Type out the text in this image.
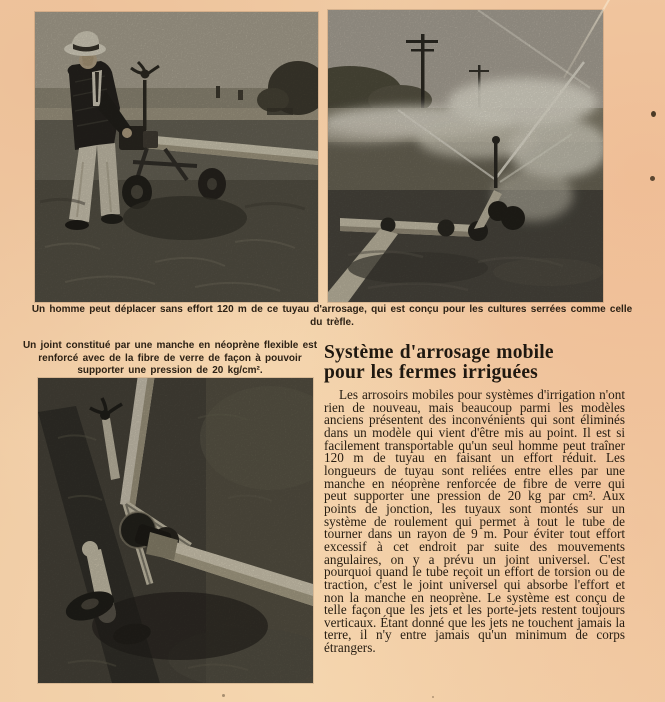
Un homme peut déplacer sans effort 120 m de ce tuyau d'arrosage, qui est conçu pour les cultures serrées comme celle du trèfle.
Un joint constitué par une manche en néoprène flexible est renforcé avec de la fibre de verre de façon à pouvoir supporter une pression de 20 kg/cm².
Système d'arrosage mobile pour les fermes irriguées

Les arrosoirs mobiles pour systèmes d'irrigation n'ont rien de nouveau, mais beaucoup parmi les modèles anciens présentent des inconvénients qui sont éliminés dans un modèle qui vient d'être mis au point. Il est si facilement transportable qu'un seul homme peut traîner 120 m de tuyau en faisant un effort réduit. Les longueurs de tuyau sont reliées entre elles par une manche en néoprène renforcée de fibre de verre qui peut supporter une pression de 20 kg par cm². Aux points de jonction, les tuyaux sont montés sur un système de roulement qui permet à tout le tube de tourner dans un rayon de 9 m. Pour éviter tout effort excessif à cet endroit par suite des mouvements angulaires, on y a prévu un joint universel. C'est pourquoi quand le tube reçoit un effort de torsion ou de traction, c'est le joint universel qui absorbe l'effort et non la manche en neoprène. Le système est conçu de telle façon que les jets et les porte-jets restent toujours verticaux. Étant donné que les jets ne touchent jamais la terre, il n'y entre jamais qu'un minimum de corps étrangers.
